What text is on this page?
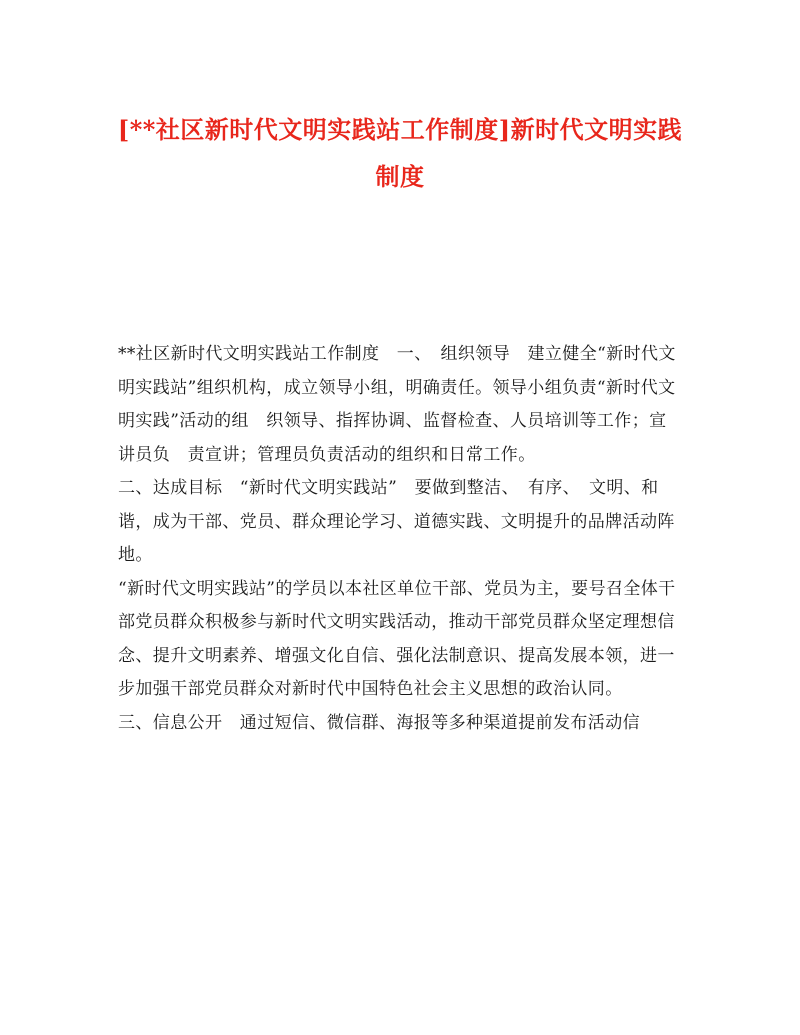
[**社区新时代文明实践站工作制度]新时代文明实践制度

**社区新时代文明实践站工作制度　一、　组织领导　建立健全“新时代文明实践站”组织机构，成立领导小组，明确责任。领导小组负责“新时代文明实践”活动的组　织领导、指挥协调、监督检查、人员培训等工作；宣讲员负　责宣讲；管理员负责活动的组织和日常工作。

二、达成目标　“新时代文明实践站”　要做到整洁、　有序、　文明、和谐，成为干部、党员、群众理论学习、道德实践、文明提升的品牌活动阵地。

“新时代文明实践站”的学员以本社区单位干部、党员为主，要号召全体干部党员群众积极参与新时代文明实践活动，推动干部党员群众坚定理想信念、提升文明素养、增强文化自信、强化法制意识、提高发展本领，进一步加强干部党员群众对新时代中国特色社会主义思想的政治认同。

三、信息公开　通过短信、微信群、海报等多种渠道提前发布活动信
